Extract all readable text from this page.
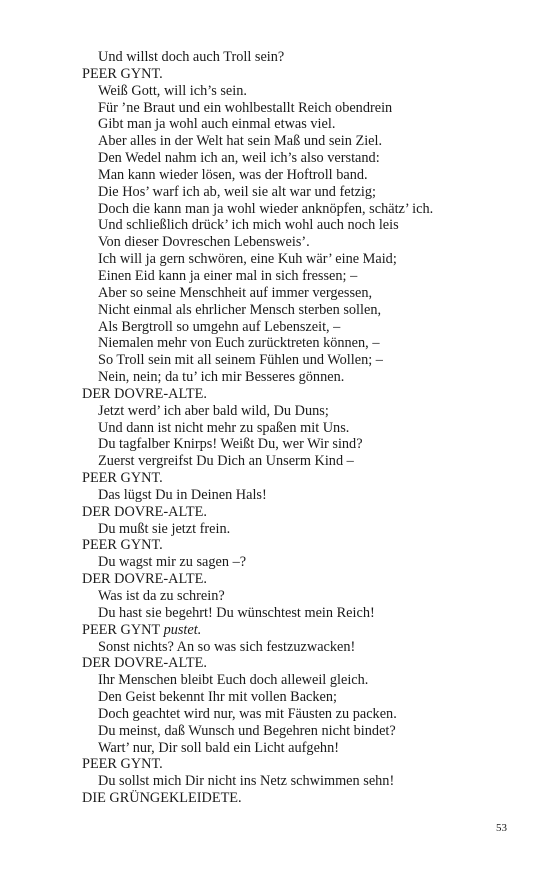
Und willst doch auch Troll sein?
PEER GYNT.
Weiß Gott, will ich’s sein.
Für ’ne Braut und ein wohlbestallt Reich obendrein
Gibt man ja wohl auch einmal etwas viel.
Aber alles in der Welt hat sein Maß und sein Ziel.
Den Wedel nahm ich an, weil ich’s also verstand:
Man kann wieder lösen, was der Hoftroll band.
Die Hos’ warf ich ab, weil sie alt war und fetzig;
Doch die kann man ja wohl wieder anknöpfen, schätz’ ich.
Und schließlich drück’ ich mich wohl auch noch leis
Von dieser Dovreschen Lebensweis’.
Ich will ja gern schwören, eine Kuh wär’ eine Maid;
Einen Eid kann ja einer mal in sich fressen; –
Aber so seine Menschheit auf immer vergessen,
Nicht einmal als ehrlicher Mensch sterben sollen,
Als Bergtroll so umgehn auf Lebenszeit, –
Niemalen mehr von Euch zurücktreten können, –
So Troll sein mit all seinem Fühlen und Wollen; –
Nein, nein; da tu’ ich mir Besseres gönnen.
DER DOVRE-ALTE.
Jetzt werd’ ich aber bald wild, Du Duns;
Und dann ist nicht mehr zu spaßen mit Uns.
Du tagfalber Knirps! Weißt Du, wer Wir sind?
Zuerst vergreifst Du Dich an Unserm Kind –
PEER GYNT.
Das lügst Du in Deinen Hals!
DER DOVRE-ALTE.
Du mußt sie jetzt frein.
PEER GYNT.
Du wagst mir zu sagen –?
DER DOVRE-ALTE.
Was ist da zu schrein?
Du hast sie begehrt! Du wünschtest mein Reich!
PEER GYNT pustet.
Sonst nichts? An so was sich festzuzwacken!
DER DOVRE-ALTE.
Ihr Menschen bleibt Euch doch alleweil gleich.
Den Geist bekennt Ihr mit vollen Backen;
Doch geachtet wird nur, was mit Fäusten zu packen.
Du meinst, daß Wunsch und Begehren nicht bindet?
Wart’ nur, Dir soll bald ein Licht aufgehn!
PEER GYNT.
Du sollst mich Dir nicht ins Netz schwimmen sehn!
DIE GRÜNGEKLEIDETE.
53
